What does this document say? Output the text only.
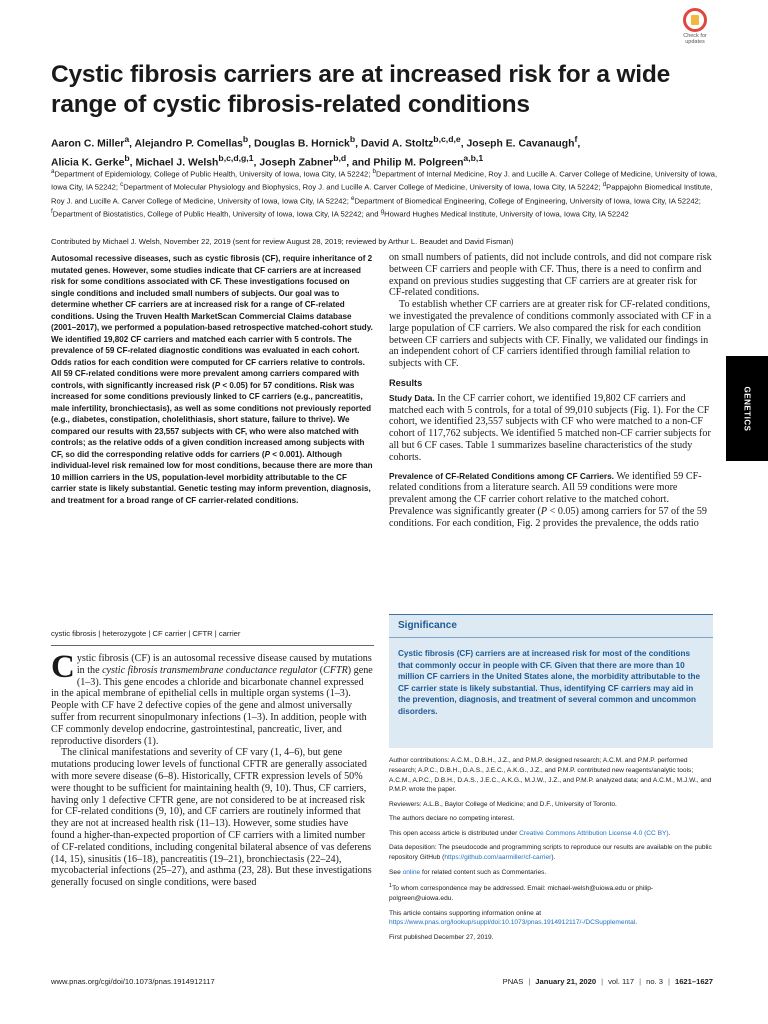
Check for
updates
Cystic fibrosis carriers are at increased risk for a wide range of cystic fibrosis-related conditions
Aaron C. Miller$^a$, Alejandro P. Comellas$^b$, Douglas B. Hornick$^b$, David A. Stoltz$^{b,c,d,e}$, Joseph E. Cavanaugh$^f$,
Alicia K. Gerke$^b$, Michael J. Welsh$^{b,c,d,g,1}$, Joseph Zabner$^{b,d}$, and Philip M. Polgreen$^{a,b,1}$
$^a$Department of Epidemiology, College of Public Health, University of Iowa, Iowa City, IA 52242; $^b$Department of Internal Medicine, Roy J. and Lucille A. Carver College of Medicine, University of Iowa, Iowa City, IA 52242; $^c$Department of Molecular Physiology and Biophysics, Roy J. and Lucille A. Carver College of Medicine, University of Iowa, Iowa City, IA 52242; $^d$Pappajohn Biomedical Institute, Roy J. and Lucille A. Carver College of Medicine, University of Iowa, Iowa City, IA 52242; $^e$Department of Biomedical Engineering, College of Engineering, University of Iowa, Iowa City, IA 52242; $^f$Department of Biostatistics, College of Public Health, University of Iowa, Iowa City, IA 52242; and $^g$Howard Hughes Medical Institute, University of Iowa, Iowa City, IA 52242
Contributed by Michael J. Welsh, November 22, 2019 (sent for review August 28, 2019; reviewed by Arthur L. Beaudet and David Fisman)
Autosomal recessive diseases, such as cystic fibrosis (CF), require inheritance of 2 mutated genes. However, some studies indicate that CF carriers are at increased risk for some conditions associated with CF. These investigations focused on single conditions and included small numbers of subjects. Our goal was to determine whether CF carriers are at increased risk for a range of CF-related conditions. Using the Truven Health MarketScan Commercial Claims database (2001–2017), we performed a population-based retrospective matched-cohort study. We identified 19,802 CF carriers and matched each carrier with 5 controls. The prevalence of 59 CF-related diagnostic conditions was evaluated in each cohort. Odds ratios for each condition were computed for CF carriers relative to controls. All 59 CF-related conditions were more prevalent among carriers compared with controls, with significantly increased risk (P < 0.05) for 57 conditions. Risk was increased for some conditions previously linked to CF carriers (e.g., pancreatitis, male infertility, bronchiectasis), as well as some conditions not previously reported (e.g., diabetes, constipation, cholelithiasis, short stature, failure to thrive). We compared our results with 23,557 subjects with CF, who were also matched with controls; as the relative odds of a given condition increased among subjects with CF, so did the corresponding relative odds for carriers (P < 0.001). Although individual-level risk remained low for most conditions, because there are more than 10 million carriers in the US, population-level morbidity attributable to the CF carrier state is likely substantial. Genetic testing may inform prevention, diagnosis, and treatment for a broad range of CF carrier-related conditions.
cystic fibrosis | heterozygote | CF carrier | CFTR | carrier

Cystic fibrosis (CF) is an autosomal recessive disease caused by mutations in the cystic fibrosis transmembrane conductance regulator (CFTR) gene (1–3). This gene encodes a chloride and bicarbonate channel expressed in the apical membrane of epithelial cells in multiple organ systems (1–3). People with CF have 2 defective copies of the gene and almost universally suffer from recurrent sinopulmonary infections (1–3). In addition, people with CF commonly develop endocrine, gastrointestinal, pancreatic, liver, and reproductive disorders (1).

The clinical manifestations and severity of CF vary (1, 4–6), but gene mutations producing lower levels of functional CFTR are generally associated with more severe disease (6–8). Historically, CFTR expression levels of 50% were thought to be sufficient for maintaining health (9, 10). Thus, CF carriers, having only 1 defective CFTR gene, are not considered to be at increased risk for CF-related conditions (9, 10), and CF carriers are routinely informed that they are not at increased health risk (11–13). However, some studies have found a higher-than-expected proportion of CF carriers with a limited number of CF-related conditions, including congenital bilateral absence of vas deferens (14, 15), sinusitis (16–18), pancreatitis (19–21), bronchiectasis (22–24), mycobacterial infections (25–27), and asthma (23, 28). But these investigations generally focused on single conditions, were based

on small numbers of patients, did not include controls, and did not compare risk between CF carriers and people with CF. Thus, there is a need to confirm and expand on previous studies suggesting that CF carriers are at greater risk for CF-related conditions.

To establish whether CF carriers are at greater risk for CF-related conditions, we investigated the prevalence of conditions commonly associated with CF in a large population of CF carriers. We also compared the risk for each condition between CF carriers and subjects with CF. Finally, we validated our findings in an independent cohort of CF carriers identified through familial relation to subjects with CF.

Results

Study Data. In the CF carrier cohort, we identified 19,802 CF carriers and matched each with 5 controls, for a total of 99,010 subjects (Fig. 1). For the CF cohort, we identified 23,557 subjects with CF who were matched to a non-CF cohort of 117,762 subjects. We identified 5 matched non-CF carrier subjects for all but 6 CF cases. Table 1 summarizes baseline characteristics of the study cohorts.

Prevalence of CF-Related Conditions among CF Carriers. We identified 59 CF-related conditions from a literature search. All 59 conditions were more prevalent among the CF carrier cohort relative to the matched cohort. Prevalence was significantly greater (P < 0.05) among carriers for 57 of the 59 conditions. For each condition, Fig. 2 provides the prevalence, the odds ratio

Significance
Cystic fibrosis (CF) carriers are at increased risk for most of the conditions that commonly occur in people with CF. Given that there are more than 10 million CF carriers in the United States alone, the morbidity attributable to the CF carrier state is likely substantial. Thus, identifying CF carriers may aid in the prevention, diagnosis, and treatment of several common and uncommon disorders.

Author contributions: A.C.M., D.B.H., J.Z., and P.M.P. designed research; A.C.M. and P.M.P. performed research; A.P.C., D.B.H., D.A.S., J.E.C., A.K.G., J.Z., and P.M.P. contributed new reagents/analytic tools; A.C.M., A.P.C., D.B.H., D.A.S., J.E.C., A.K.G., M.J.W., J.Z., and P.M.P. analyzed data; and A.C.M., M.J.W., and P.M.P. wrote the paper.

Reviewers: A.L.B., Baylor College of Medicine; and D.F., University of Toronto.

The authors declare no competing interest.

This open access article is distributed under Creative Commons Attribution License 4.0 (CC BY).

Data deposition: The pseudocode and programming scripts to reproduce our results are available on the public repository GitHub (https://github.com/aarmiller/cf-carrier).

See online for related content such as Commentaries.

$^1$To whom correspondence may be addressed. Email: michael-welsh@uiowa.edu or philip-polgreen@uiowa.edu.

This article contains supporting information online at https://www.pnas.org/lookup/suppl/doi:10.1073/pnas.1914912117/-/DCSupplemental.

First published December 27, 2019.

GENETICS
www.pnas.org/cgi/doi/10.1073/pnas.1914912117	PNAS | January 21, 2020 | vol. 117 | no. 3 | 1621–1627
